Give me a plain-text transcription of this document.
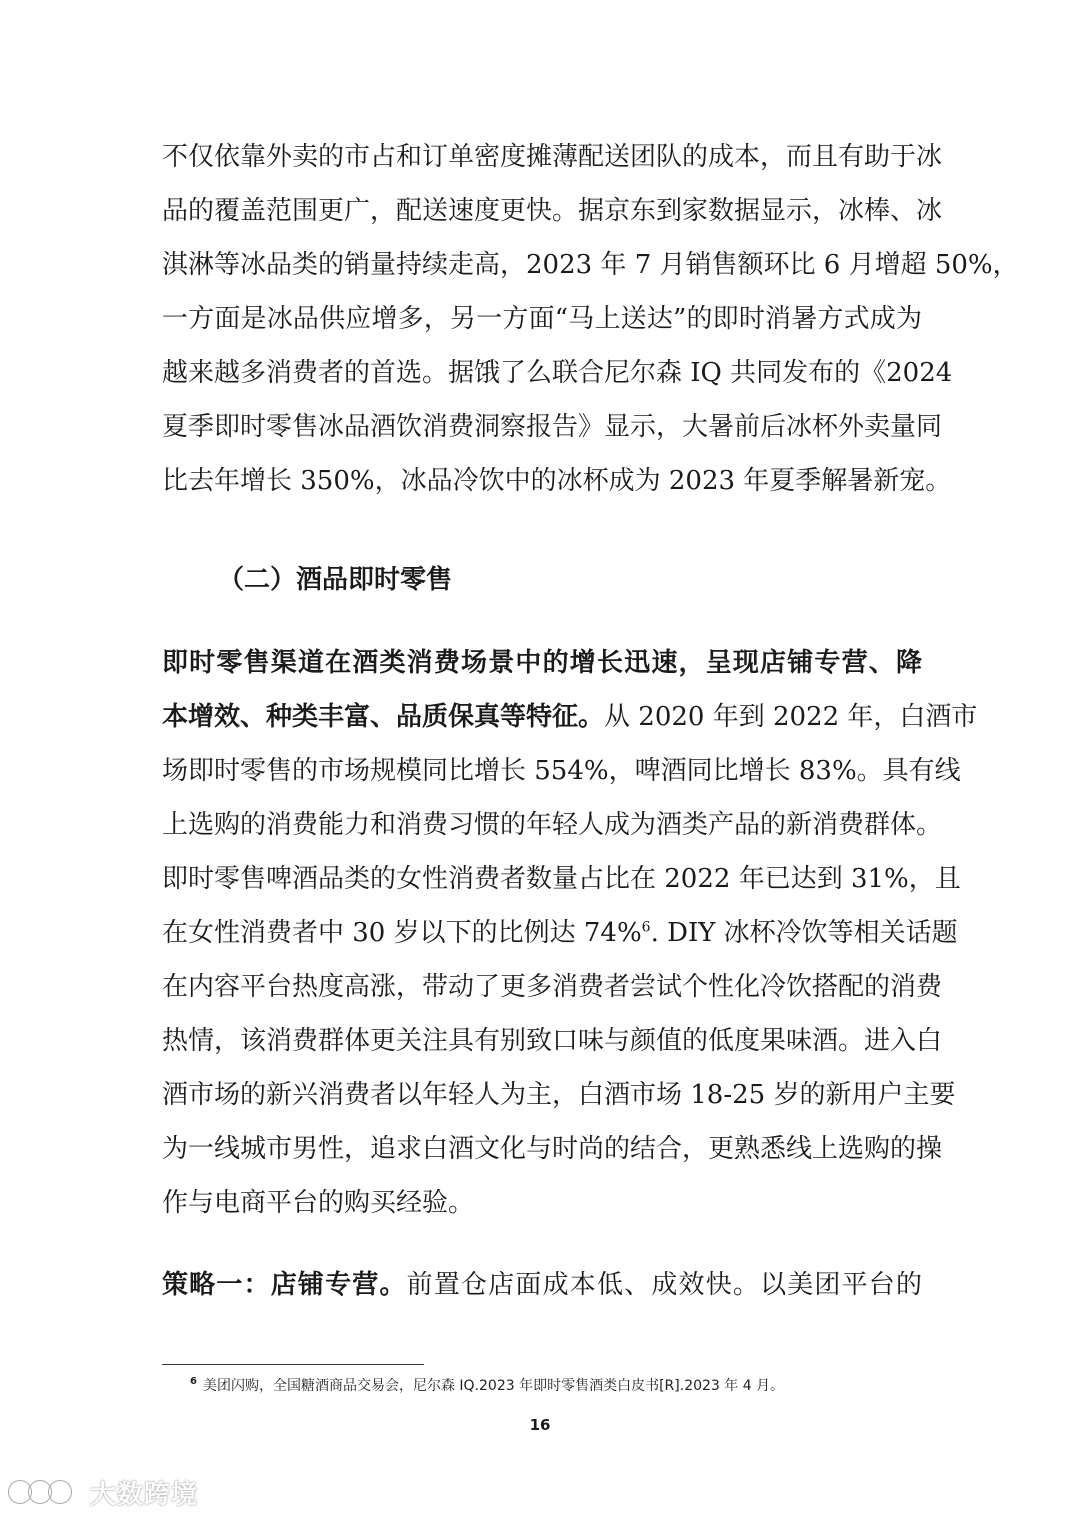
不仅依靠外卖的市占和订单密度摊薄配送团队的成本，而且有助于冰
品的覆盖范围更广，配送速度更快。据京东到家数据显示，冰棒、冰
淇淋等冰品类的销量持续走高，2023 年 7 月销售额环比 6 月增超 50%，
一方面是冰品供应增多，另一方面“马上送达”的即时消暑方式成为
越来越多消费者的首选。据饿了么联合尼尔森 IQ 共同发布的《2024
夏季即时零售冰品酒饮消费洞察报告》显示，大暑前后冰杯外卖量同
比去年增长 350%，冰品冷饮中的冰杯成为 2023 年夏季解暑新宠。
（二）酒品即时零售
即时零售渠道在酒类消费场景中的增长迅速，呈现店铺专营、降
本增效、种类丰富、品质保真等特征。从 2020 年到 2022 年，白酒市
场即时零售的市场规模同比增长 554%，啤酒同比增长 83%。具有线
上选购的消费能力和消费习惯的年轻人成为酒类产品的新消费群体。
即时零售啤酒品类的女性消费者数量占比在 2022 年已达到 31%，且
在女性消费者中 30 岁以下的比例达 74%$^6$. DIY 冰杯冷饮等相关话题
在内容平台热度高涨，带动了更多消费者尝试个性化冷饮搭配的消费
热情，该消费群体更关注具有别致口味与颜值的低度果味酒。进入白
酒市场的新兴消费者以年轻人为主，白酒市场 18-25 岁的新用户主要
为一线城市男性，追求白酒文化与时尚的结合，更熟悉线上选购的操
作与电商平台的购买经验。
策略一：店铺专营。前置仓店面成本低、成效快。以美团平台的
$^6$ 美团闪购，全国糖酒商品交易会，尼尔森 IQ.2023 年即时零售酒类白皮书[R].2023 年 4 月。
16
大数跨境
